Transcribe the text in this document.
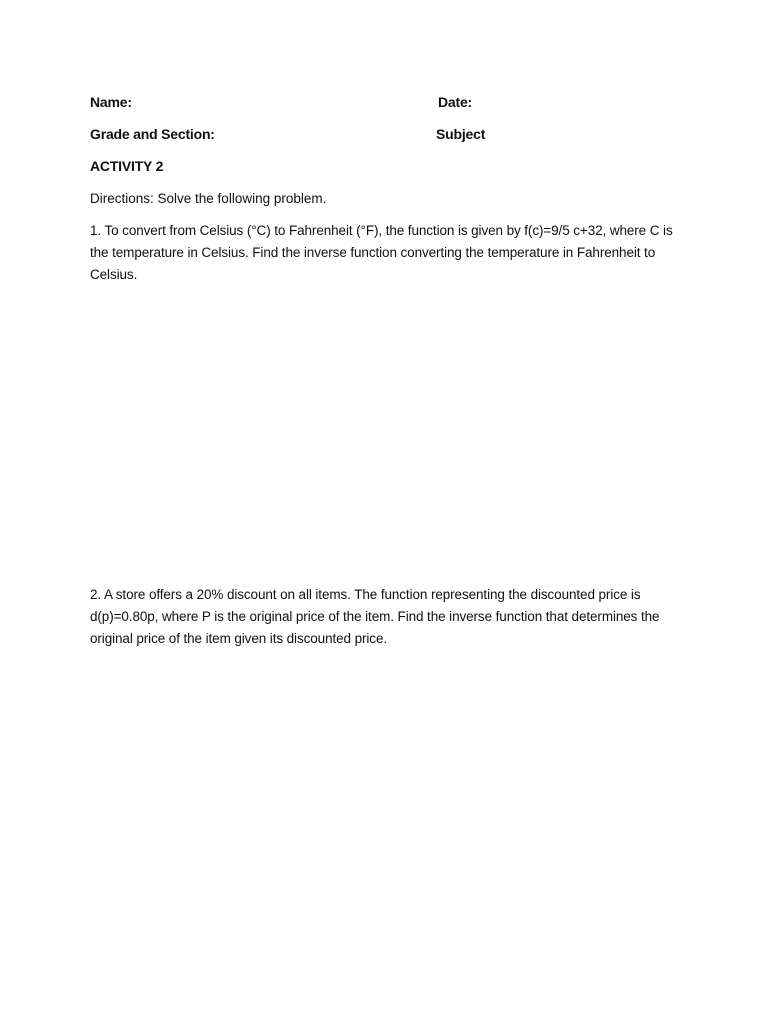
Name:	Date:
Grade and Section:	Subject
ACTIVITY 2
Directions: Solve the following problem.
1. To convert from Celsius (°C) to Fahrenheit (°F), the function is given by f(c)=9/5 c+32, where C is the temperature in Celsius. Find the inverse function converting the temperature in Fahrenheit to Celsius.
2. A store offers a 20% discount on all items. The function representing the discounted price is d(p)=0.80p, where P is the original price of the item. Find the inverse function that determines the original price of the item given its discounted price.
